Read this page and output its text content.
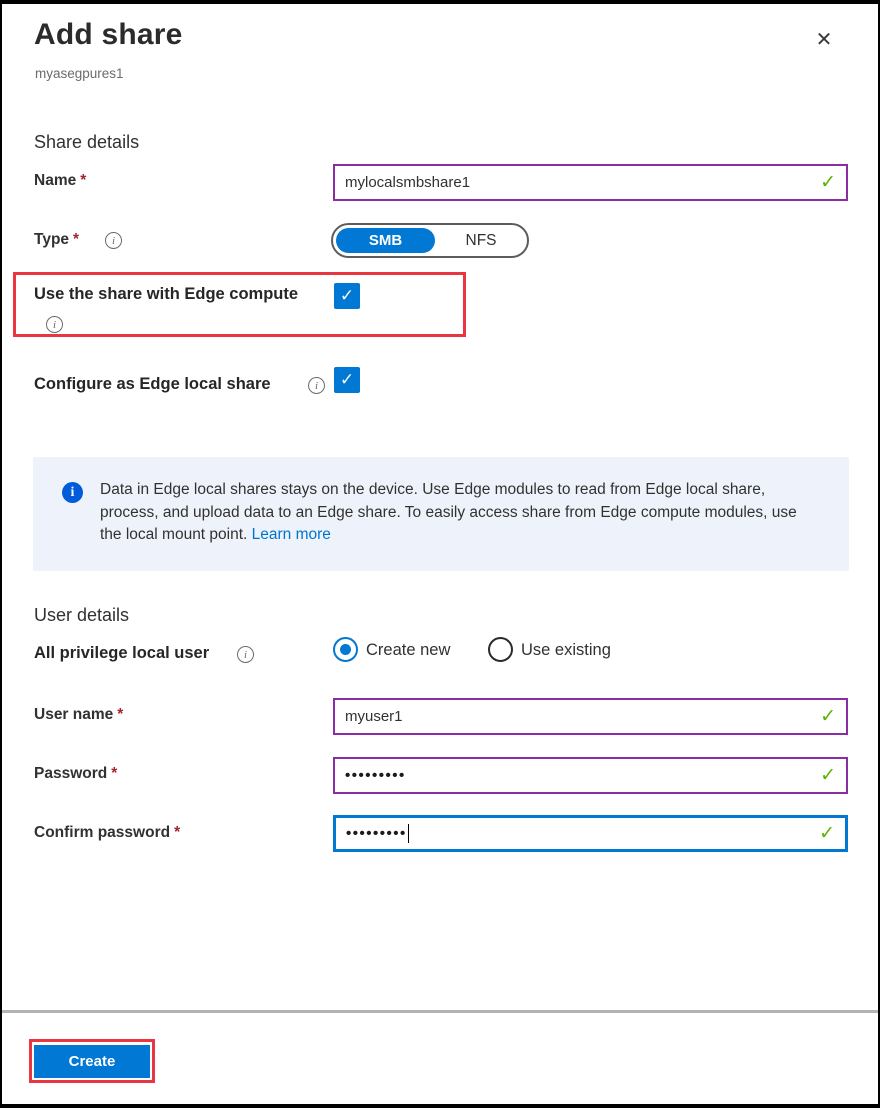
Add share
myasegpures1
✕
Share details
Name *	mylocalsmbshare1	✓
Type *	i	SMB	NFS
Use the share with Edge compute ✓
i
Configure as Edge local share	i	✓
i	Data in Edge local shares stays on the device. Use Edge modules to read from Edge local share, process, and upload data to an Edge share. To easily access share from Edge compute modules, use the local mount point. Learn more
User details
All privilege local user	i	Create new	Use existing
User name *	myuser1	✓
Password *	•••••••••	✓
Confirm password *	•••••••••	✓
Create
